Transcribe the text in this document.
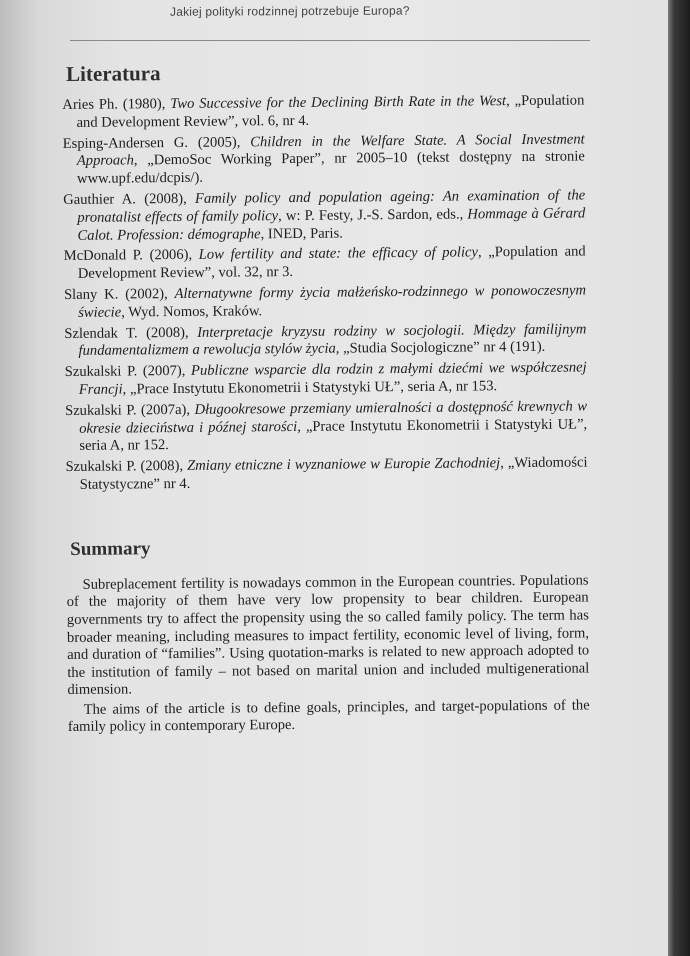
Jakiej polityki rodzinnej potrzebuje Europa?
Literatura
Aries Ph. (1980), Two Successive for the Declining Birth Rate in the West, „Population and Development Review”, vol. 6, nr 4.
Esping-Andersen G. (2005), Children in the Welfare State. A Social Investment Approach, „DemoSoc Working Paper”, nr 2005–10 (tekst dostępny na stronie www.upf.edu/dcpis/).
Gauthier A. (2008), Family policy and population ageing: An examination of the pronatalist effects of family policy, w: P. Festy, J.-S. Sardon, eds., Hommage à Gérard Calot. Profession: démographe, INED, Paris.
McDonald P. (2006), Low fertility and state: the efficacy of policy, „Population and Development Review”, vol. 32, nr 3.
Slany K. (2002), Alternatywne formy życia małżeńsko-rodzinnego w ponowoczesnym świecie, Wyd. Nomos, Kraków.
Szlendak T. (2008), Interpretacje kryzysu rodziny w socjologii. Między familijnym fundamentalizmem a rewolucja stylów życia, „Studia Socjologiczne” nr 4 (191).
Szukalski P. (2007), Publiczne wsparcie dla rodzin z małymi dziećmi we współczesnej Francji, „Prace Instytutu Ekonometrii i Statystyki UŁ”, seria A, nr 153.
Szukalski P. (2007a), Długookresowe przemiany umieralności a dostępność krewnych w okresie dzieciństwa i późnej starości, „Prace Instytutu Ekonometrii i Statystyki UŁ”, seria A, nr 152.
Szukalski P. (2008), Zmiany etniczne i wyznaniowe w Europie Zachodniej, „Wiadomości Statystyczne” nr 4.
Summary

Subreplacement fertility is nowadays common in the European countries. Populations of the majority of them have very low propensity to bear children. European governments try to affect the propensity using the so called family policy. The term has broader meaning, including measures to impact fertility, economic level of living, form, and duration of “families”. Using quotation-marks is related to new approach adopted to the institution of family – not based on marital union and included multigenerational dimension.

The aims of the article is to define goals, principles, and target-populations of the family policy in contemporary Europe.
